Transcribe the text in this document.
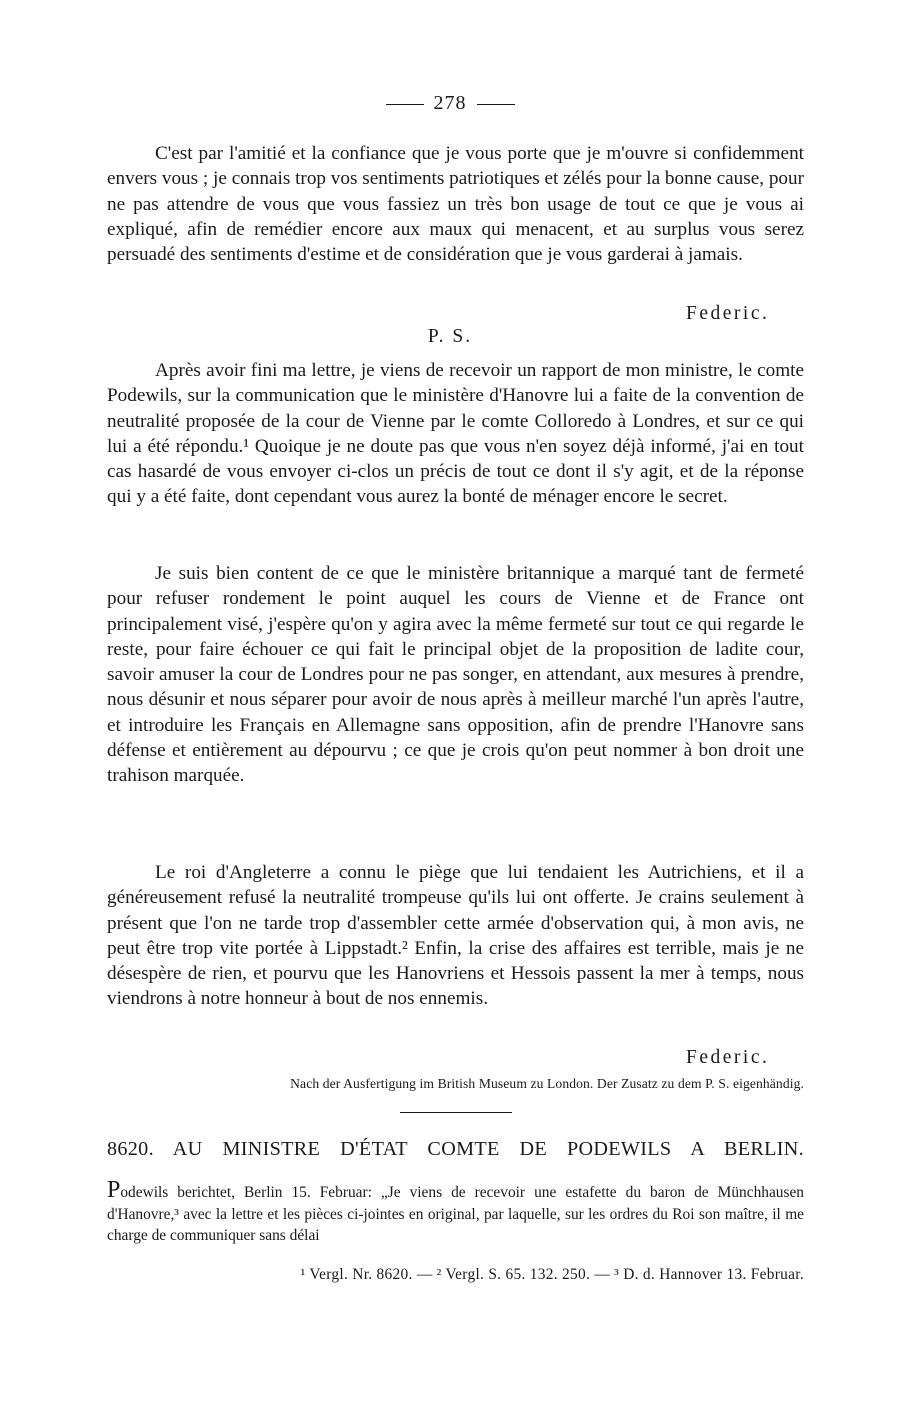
278

C'est par l'amitié et la confiance que je vous porte que je m'ouvre si confidemment envers vous ; je connais trop vos sentiments patriotiques et zélés pour la bonne cause, pour ne pas attendre de vous que vous fassiez un très bon usage de tout ce que je vous ai expliqué, afin de remédier encore aux maux qui menacent, et au surplus vous serez persuadé des sentiments d'estime et de considération que je vous garderai à jamais.

Federic.
P. S.

Après avoir fini ma lettre, je viens de recevoir un rapport de mon ministre, le comte Podewils, sur la communication que le ministère d'Hanovre lui a faite de la convention de neutralité proposée de la cour de Vienne par le comte Colloredo à Londres, et sur ce qui lui a été répondu.¹ Quoique je ne doute pas que vous n'en soyez déjà informé, j'ai en tout cas hasardé de vous envoyer ci-clos un précis de tout ce dont il s'y agit, et de la réponse qui y a été faite, dont cependant vous aurez la bonté de ménager encore le secret.

Je suis bien content de ce que le ministère britannique a marqué tant de fermeté pour refuser rondement le point auquel les cours de Vienne et de France ont principalement visé, j'espère qu'on y agira avec la même fermeté sur tout ce qui regarde le reste, pour faire échouer ce qui fait le principal objet de la proposition de ladite cour, savoir amuser la cour de Londres pour ne pas songer, en attendant, aux mesures à prendre, nous désunir et nous séparer pour avoir de nous après à meilleur marché l'un après l'autre, et introduire les Français en Allemagne sans opposition, afin de prendre l'Hanovre sans défense et entièrement au dépourvu ; ce que je crois qu'on peut nommer à bon droit une trahison marquée.

Le roi d'Angleterre a connu le piège que lui tendaient les Autrichiens, et il a généreusement refusé la neutralité trompeuse qu'ils lui ont offerte. Je crains seulement à présent que l'on ne tarde trop d'assembler cette armée d'observation qui, à mon avis, ne peut être trop vite portée à Lippstadt.² Enfin, la crise des affaires est terrible, mais je ne désespère de rien, et pourvu que les Hanovriens et Hessois passent la mer à temps, nous viendrons à notre honneur à bout de nos ennemis.

Federic.
Nach der Ausfertigung im British Museum zu London. Der Zusatz zu dem P. S. eigenhändig.
8620. AU MINISTRE D'ÉTAT COMTE DE PODEWILS A BERLIN.
Podewils berichtet, Berlin 15. Februar: „Je viens de recevoir une estafette du baron de Münchhausen d'Hanovre,³ avec la lettre et les pièces ci-jointes en original, par laquelle, sur les ordres du Roi son maître, il me charge de communiquer sans délai
¹ Vergl. Nr. 8620. — ² Vergl. S. 65. 132. 250. — ³ D. d. Hannover 13. Februar.
